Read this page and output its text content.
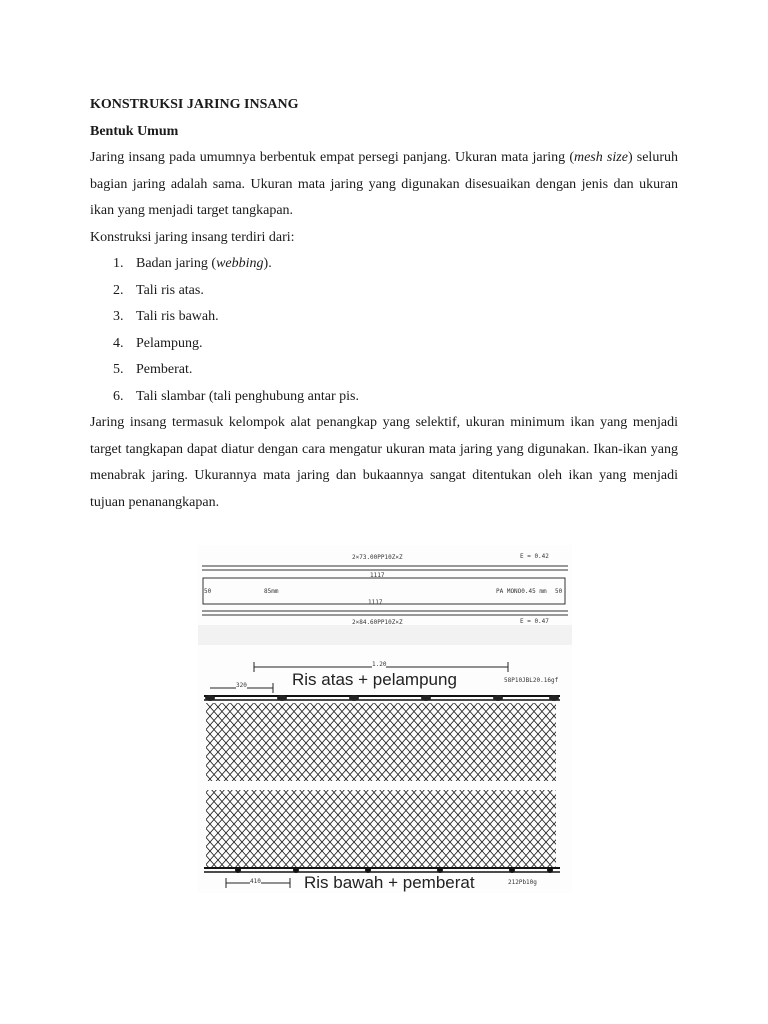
KONSTRUKSI JARING INSANG

Bentuk Umum

Jaring insang pada umumnya berbentuk empat persegi panjang. Ukuran mata jaring (mesh size) seluruh bagian jaring adalah sama. Ukuran mata jaring yang digunakan disesuaikan dengan jenis dan ukuran ikan yang menjadi target tangkapan.

Konstruksi jaring insang terdiri dari:

1. Badan jaring (webbing).
2. Tali ris atas.
3. Tali ris bawah.
4. Pelampung.
5. Pemberat.
6. Tali slambar (tali penghubung antar pis.

Jaring insang termasuk kelompok alat penangkap yang selektif, ukuran minimum ikan yang menjadi target tangkapan dapat diatur dengan cara mengatur ukuran mata jaring yang digunakan. Ikan-ikan yang menabrak jaring. Ukurannya mata jaring dan bukaannya sangat ditentukan oleh ikan yang menjadi tujuan penanangkapan.

2×73.00PP10Z×Z	E = 0.42
1117
50	85mm	PA MONO0.45 mm 50
1117
2×84.60PP10Z×Z	E = 0.47
1.20
320
58P10JBL20.16gf
Ris atas + pelampung
410	Ris bawah + pemberat	212Pb10g
